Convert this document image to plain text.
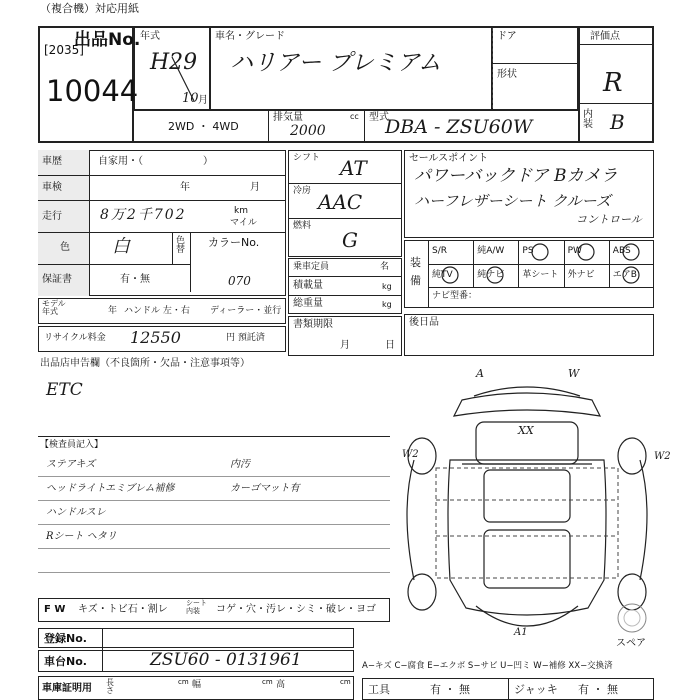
（複合機）対応用紙
出品No.
[2035]
10044
年式
H29
10 月
車名・グレード
ハリアー プレミアム
ドア
形状
評価点
R
内装 B
2WD ・ 4WD
排気量	cc
2000
型式
DBA - ZSU60W
車歴	自家用・（　　　　　　）
車検	年	月
走行	8万2千702	km
マイル
色 白	色替
カラーNo.
070
保証書	有・無
モデル年式	年 ハンドル 左・右 ディーラー・並行
リサイクル料金 12550	円 預託済
シフト AT
冷房 AAC
燃料
G
乗車定員	名
積載量	kg
総重量	kg
書類期限
月	日
セールスポイント
パワーバックドア Bカメラ
ハーフレザーシート クルーズ
コントロール
装備
S/R	純A/W PS	PW	ABS
純TV	純ナビ 革シート 外ナビ エアB
ナビ型番：
後日品
出品店申告欄（不良箇所・欠品・注意事項等）
ETC
【検査員記入】
ステアキズ
ヘッドライトエミブレム補修
ハンドルスレ
Rシート ヘタリ
内汚
カーゴマット有
F W キズ・トビ石・割レ
シート内装	コゲ・穴・汚レ・シミ・破レ・ヨゴ
登録No.
車台No.	ZSU60 - 0131961
車庫証明用
長さ
cm 幅	cm 高	cm
A	W
XX
W2	W2
A1
スペア
A−キズ C−腐食 E−エクボ S−サビ U−凹ミ W−補修 XX−交換済
工具	有 ・ 無	ジャッキ 有 ・ 無
